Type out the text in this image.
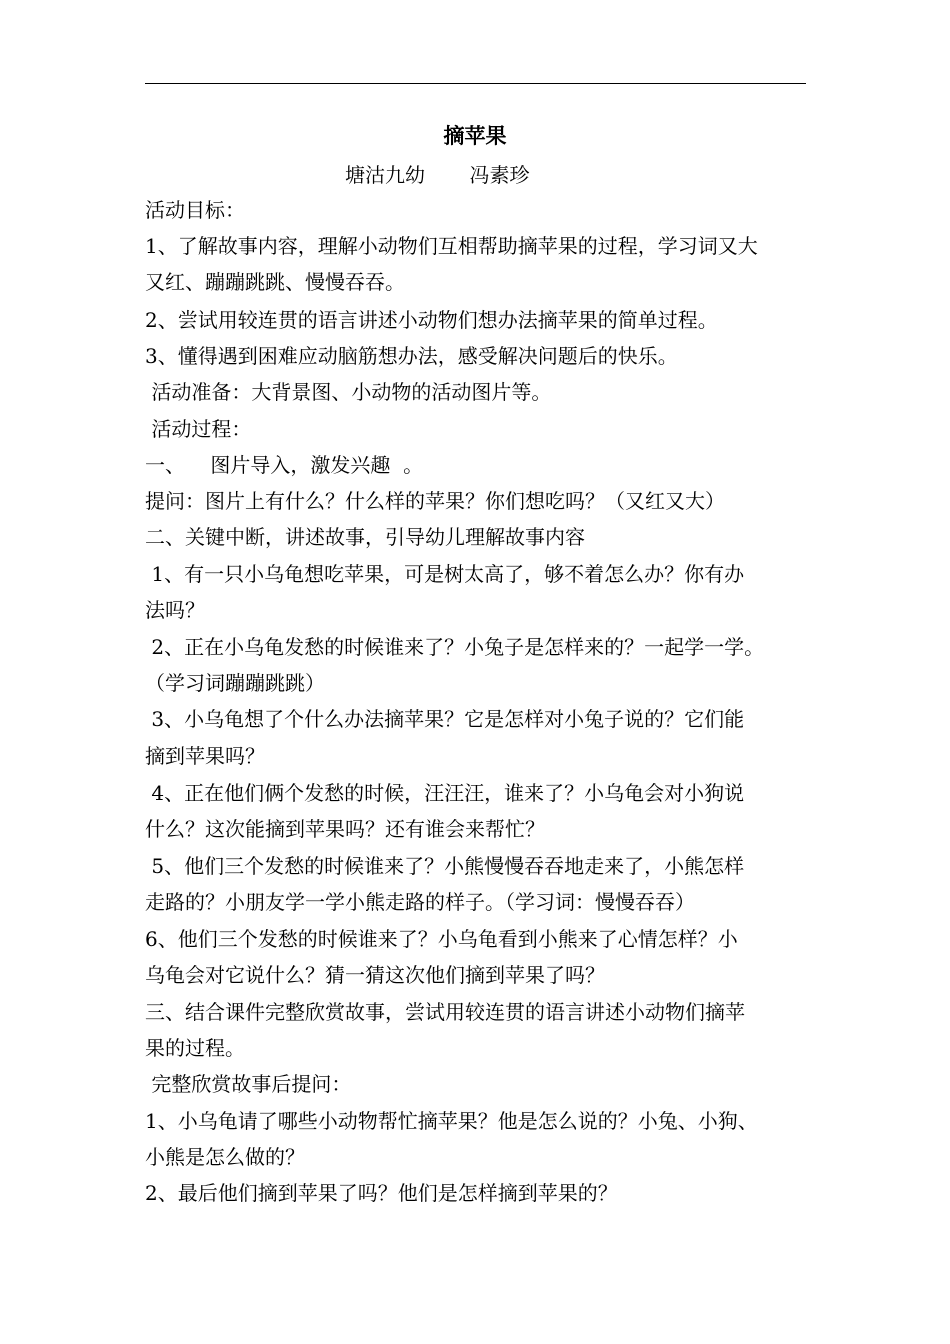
摘苹果
塘沽九幼       冯素珍
活动目标：
1、了解故事内容，理解小动物们互相帮助摘苹果的过程，学习词又大
又红、蹦蹦跳跳、慢慢吞吞。
2、尝试用较连贯的语言讲述小动物们想办法摘苹果的简单过程。
3、懂得遇到困难应动脑筋想办法，感受解决问题后的快乐。
活动准备：大背景图、小动物的活动图片等。
活动过程：
一、    图片导入，激发兴趣  。
提问：图片上有什么？什么样的苹果？你们想吃吗？（又红又大）
二、关键中断，讲述故事，引导幼儿理解故事内容
1、有一只小乌龟想吃苹果，可是树太高了，够不着怎么办？你有办
法吗？
2、正在小乌龟发愁的时候谁来了？小兔子是怎样来的？一起学一学。
（学习词蹦蹦跳跳）
3、小乌龟想了个什么办法摘苹果？它是怎样对小兔子说的？它们能
摘到苹果吗？
4、正在他们俩个发愁的时候，汪汪汪，谁来了？小乌龟会对小狗说
什么？这次能摘到苹果吗？还有谁会来帮忙？
5、他们三个发愁的时候谁来了？小熊慢慢吞吞地走来了，小熊怎样
走路的？小朋友学一学小熊走路的样子。（学习词：慢慢吞吞）
6、他们三个发愁的时候谁来了？小乌龟看到小熊来了心情怎样？小
乌龟会对它说什么？猜一猜这次他们摘到苹果了吗？
三、结合课件完整欣赏故事，尝试用较连贯的语言讲述小动物们摘苹
果的过程。
完整欣赏故事后提问：
1、小乌龟请了哪些小动物帮忙摘苹果？他是怎么说的？小兔、小狗、
小熊是怎么做的？
2、最后他们摘到苹果了吗？他们是怎样摘到苹果的？
